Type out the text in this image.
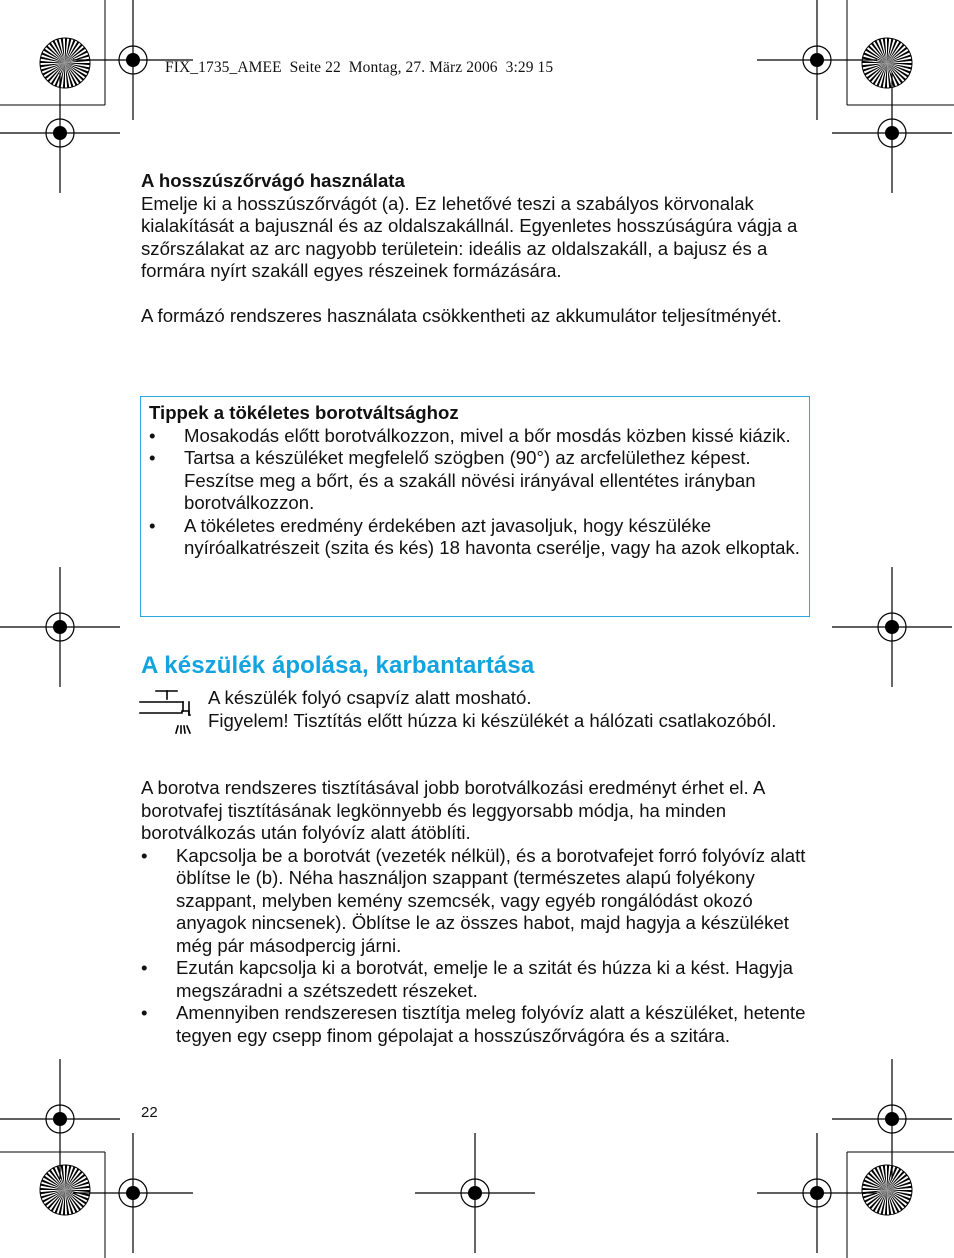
FIX_1735_AMEE  Seite 22  Montag, 27. März 2006  3:29 15

A hosszúszőrvágó használata

Emelje ki a hosszúszőrvágót (a). Ez lehetővé teszi a szabályos körvonalak kialakítását a bajusznál és az oldalszakállnál. Egyenletes hosszúságúra vágja a szőrszálakat az arc nagyobb területein: ideális az oldalszakáll, a bajusz és a formára nyírt szakáll egyes részeinek formázására.

A formázó rendszeres használata csökkentheti az akkumulátor teljesítményét.

Tippek a tökéletes borotváltsághoz

• Mosakodás előtt borotválkozzon, mivel a bőr mosdás közben kissé kiázik.
• Tartsa a készüléket megfelelő szögben (90°) az arcfelülethez képest. Feszítse meg a bőrt, és a szakáll növési irányával ellentétes irányban borotválkozzon.
• A tökéletes eredmény érdekében azt javasoljuk, hogy készüléke nyíróalkatrészeit (szita és kés) 18 havonta cserélje, vagy ha azok elkoptak.
A készülék ápolása, karbantartása

A készülék folyó csapvíz alatt mosható.

Figyelem! Tisztítás előtt húzza ki készülékét a hálózati csatlakozóból.

A borotva rendszeres tisztításával jobb borotválkozási eredményt érhet el. A borotvafej tisztításának legkönnyebb és leggyorsabb módja, ha minden borotválkozás után folyóvíz alatt átöblíti.

• Kapcsolja be a borotvát (vezeték nélkül), és a borotvafejet forró folyóvíz alatt öblítse le (b). Néha használjon szappant (természetes alapú folyékony szappant, melyben kemény szemcsék, vagy egyéb rongálódást okozó anyagok nincsenek). Öblítse le az összes habot, majd hagyja a készüléket még pár másodpercig járni.
• Ezután kapcsolja ki a borotvát, emelje le a szitát és húzza ki a kést. Hagyja megszáradni a szétszedett részeket.
• Amennyiben rendszeresen tisztítja meleg folyóvíz alatt a készüléket, hetente tegyen egy csepp finom gépolajat a hosszúszőrvágóra és a szitára.
22
